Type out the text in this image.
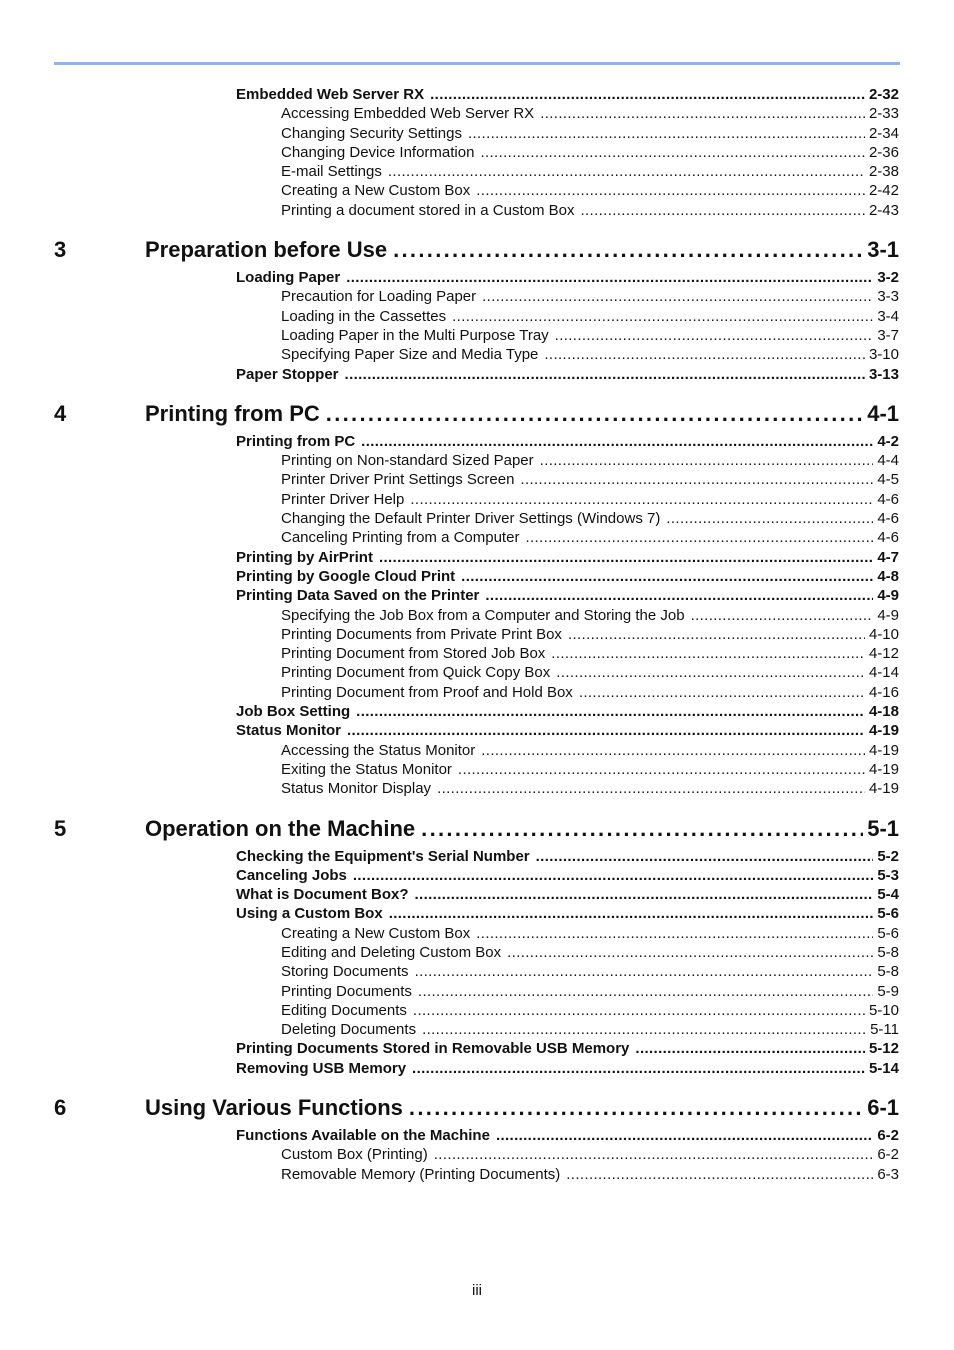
Embedded Web Server RX . . .	2-32
Accessing Embedded Web Server RX . . .	2-33
Changing Security Settings . . .	2-34
Changing Device Information . . .	2-36
E-mail Settings . . .	2-38
Creating a New Custom Box . . .	2-42
Printing a document stored in a Custom Box . . .	2-43
3	Preparation before Use . . .	3-1
Loading Paper . . .	3-2
Precaution for Loading Paper . . .	3-3
Loading in the Cassettes . . .	3-4
Loading Paper in the Multi Purpose Tray . . .	3-7
Specifying Paper Size and Media Type . . .	3-10
Paper Stopper . . .	3-13
4	Printing from PC . . .	4-1
Printing from PC . . .	4-2
Printing on Non-standard Sized Paper . . .	4-4
Printer Driver Print Settings Screen . . .	4-5
Printer Driver Help . . .	4-6
Changing the Default Printer Driver Settings (Windows 7) . . .	4-6
Canceling Printing from a Computer . . .	4-6
Printing by AirPrint . . .	4-7
Printing by Google Cloud Print . . .	4-8
Printing Data Saved on the Printer . . .	4-9
Specifying the Job Box from a Computer and Storing the Job . . .	4-9
Printing Documents from Private Print Box . . .	4-10
Printing Document from Stored Job Box . . .	4-12
Printing Document from Quick Copy Box . . .	4-14
Printing Document from Proof and Hold Box . . .	4-16
Job Box Setting . . .	4-18
Status Monitor . . .	4-19
Accessing the Status Monitor . . .	4-19
Exiting the Status Monitor . . .	4-19
Status Monitor Display . . .	4-19
5	Operation on the Machine . . .	5-1
Checking the Equipment's Serial Number . . .	5-2
Canceling Jobs . . .	5-3
What is Document Box? . . .	5-4
Using a Custom Box . . .	5-6
Creating a New Custom Box . . .	5-6
Editing and Deleting Custom Box . . .	5-8
Storing Documents . . .	5-8
Printing Documents . . .	5-9
Editing Documents . . .	5-10
Deleting Documents . . .	5-11
Printing Documents Stored in Removable USB Memory . . .	5-12
Removing USB Memory . . .	5-14
6	Using Various Functions . . .	6-1
Functions Available on the Machine . . .	6-2
Custom Box (Printing) . . .	6-2
Removable Memory (Printing Documents) . . .	6-3
iii
